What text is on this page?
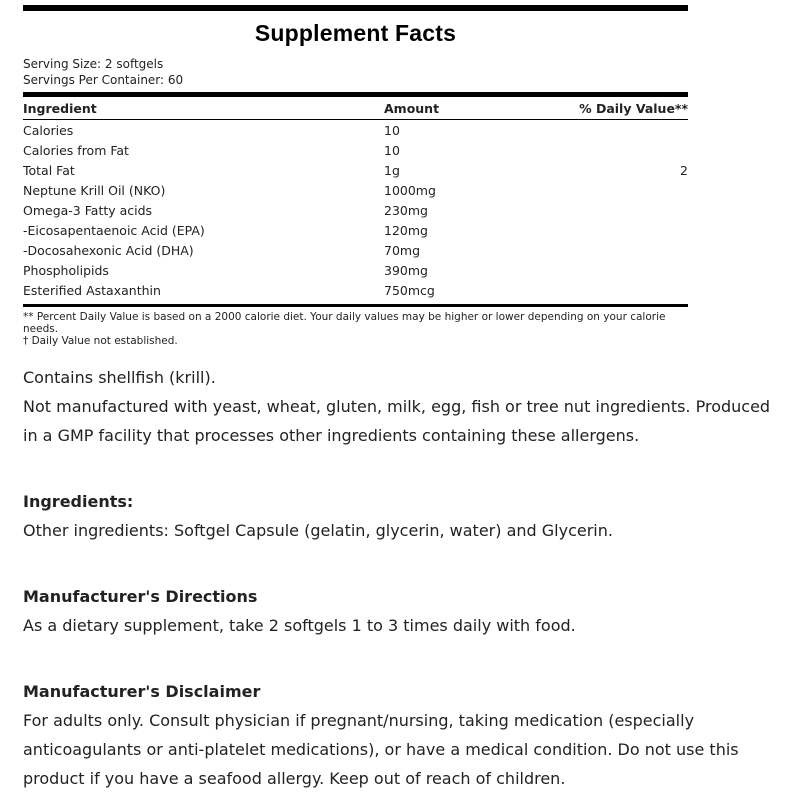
Supplement Facts
Serving Size: 2 softgels
Servings Per Container: 60
Ingredient	Amount	% Daily Value**
Calories	10	
Calories from Fat	10	
Total Fat	1g	2
Neptune Krill Oil (NKO)	1000mg	
Omega-3 Fatty acids	230mg	
-Eicosapentaenoic Acid (EPA)	120mg	
-Docosahexonic Acid (DHA)	70mg	
Phospholipids	390mg	
Esterified Astaxanthin	750mcg	
** Percent Daily Value is based on a 2000 calorie diet. Your daily values may be higher or lower depending on your calorie needs.
† Daily Value not established.

Contains shellfish (krill).

Not manufactured with yeast, wheat, gluten, milk, egg, fish or tree nut ingredients. Produced in a GMP facility that processes other ingredients containing these allergens.

Ingredients:

Other ingredients: Softgel Capsule (gelatin, glycerin, water) and Glycerin.

Manufacturer's Directions

As a dietary supplement, take 2 softgels 1 to 3 times daily with food.

Manufacturer's Disclaimer

For adults only. Consult physician if pregnant/nursing, taking medication (especially anticoagulants or anti-platelet medications), or have a medical condition. Do not use this product if you have a seafood allergy. Keep out of reach of children.
